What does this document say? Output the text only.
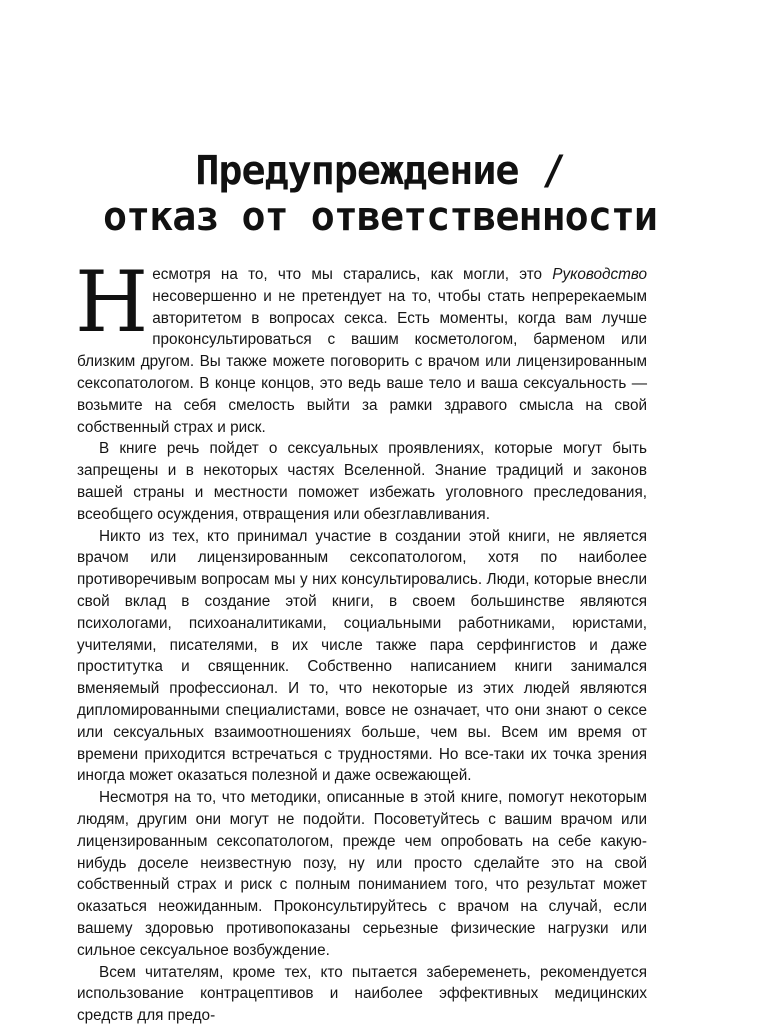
Предупреждение /
отказ от ответственности

Несмотря на то, что мы старались, как могли, это Руководство несовершенно и не претендует на то, чтобы стать непререкаемым авторитетом в вопросах секса. Есть моменты, когда вам лучше проконсультироваться с вашим косметологом, барменом или близким другом. Вы также можете поговорить с врачом или лицензированным сексопатологом. В конце концов, это ведь ваше тело и ваша сексуальность — возьмите на себя смелость выйти за рамки здравого смысла на свой собственный страх и риск.

В книге речь пойдет о сексуальных проявлениях, которые могут быть запрещены и в некоторых частях Вселенной. Знание традиций и законов вашей страны и местности поможет избежать уголовного преследования, всеобщего осуждения, отвращения или обезглавливания.

Никто из тех, кто принимал участие в создании этой книги, не является врачом или лицензированным сексопатологом, хотя по наиболее противоречивым вопросам мы у них консультировались. Люди, которые внесли свой вклад в создание этой книги, в своем большинстве являются психологами, психоаналитиками, социальными работниками, юристами, учителями, писателями, в их числе также пара серфингистов и даже проститутка и священник. Собственно написанием книги занимался вменяемый профессионал. И то, что некоторые из этих людей являются дипломированными специалистами, вовсе не означает, что они знают о сексе или сексуальных взаимоотношениях больше, чем вы. Всем им время от времени приходится встречаться с трудностями. Но все-таки их точка зрения иногда может оказаться полезной и даже освежающей.

Несмотря на то, что методики, описанные в этой книге, помогут некоторым людям, другим они могут не подойти. Посоветуйтесь с вашим врачом или лицензированным сексопатологом, прежде чем опробовать на себе какую-нибудь доселе неизвестную позу, ну или просто сделайте это на свой собственный страх и риск с полным пониманием того, что результат может оказаться неожиданным. Проконсультируйтесь с врачом на случай, если вашему здоровью противопоказаны серьезные физические нагрузки или сильное сексуальное возбуждение.

Всем читателям, кроме тех, кто пытается забеременеть, рекомендуется использование контрацептивов и наиболее эффективных медицинских средств для предо-
